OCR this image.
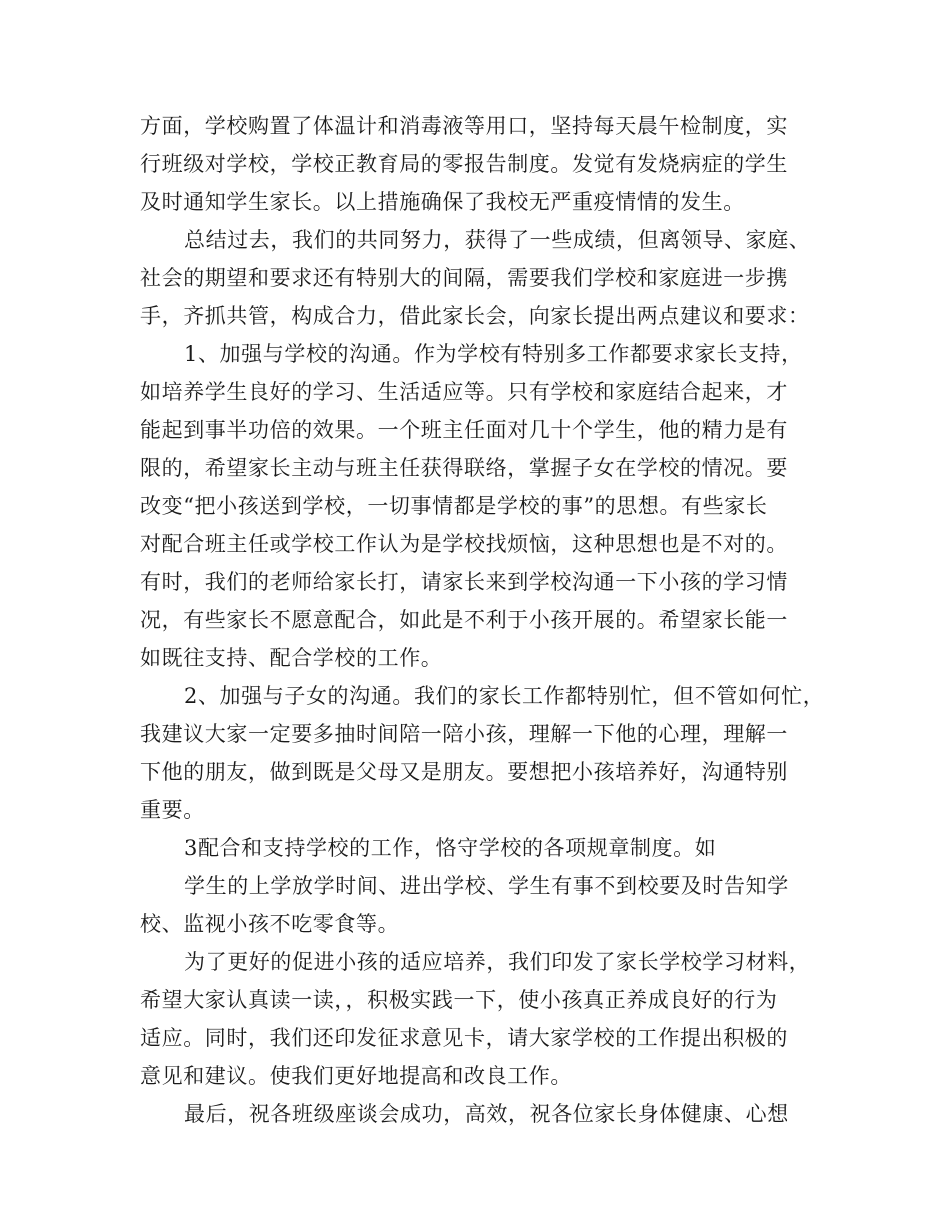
方面，学校购置了体温计和消毒液等用口，坚持每天晨午检制度，实
行班级对学校，学校正教育局的零报告制度。发觉有发烧病症的学生
及时通知学生家长。以上措施确保了我校无严重疫情情的发生。
总结过去，我们的共同努力，获得了一些成绩，但离领导、家庭、
社会的期望和要求还有特别大的间隔，需要我们学校和家庭进一步携
手，齐抓共管，构成合力，借此家长会，向家长提出两点建议和要求：
1、加强与学校的沟通。作为学校有特别多工作都要求家长支持，
如培养学生良好的学习、生活适应等。只有学校和家庭结合起来，才
能起到事半功倍的效果。一个班主任面对几十个学生，他的精力是有
限的，希望家长主动与班主任获得联络，掌握子女在学校的情况。要
改变“把小孩送到学校，一切事情都是学校的事”的思想。有些家长
对配合班主任或学校工作认为是学校找烦恼，这种思想也是不对的。
有时，我们的老师给家长打，请家长来到学校沟通一下小孩的学习情
况，有些家长不愿意配合，如此是不利于小孩开展的。希望家长能一
如既往支持、配合学校的工作。
2、加强与子女的沟通。我们的家长工作都特别忙，但不管如何忙，
我建议大家一定要多抽时间陪一陪小孩，理解一下他的心理，理解一
下他的朋友，做到既是父母又是朋友。要想把小孩培养好，沟通特别
重要。
3配合和支持学校的工作，恪守学校的各项规章制度。如
学生的上学放学时间、进出学校、学生有事不到校要及时告知学
校、监视小孩不吃零食等。
为了更好的促进小孩的适应培养，我们印发了家长学校学习材料，
希望大家认真读一读，，积极实践一下，使小孩真正养成良好的行为
适应。同时，我们还印发征求意见卡，请大家学校的工作提出积极的
意见和建议。使我们更好地提高和改良工作。
最后，祝各班级座谈会成功，高效，祝各位家长身体健康、心想
